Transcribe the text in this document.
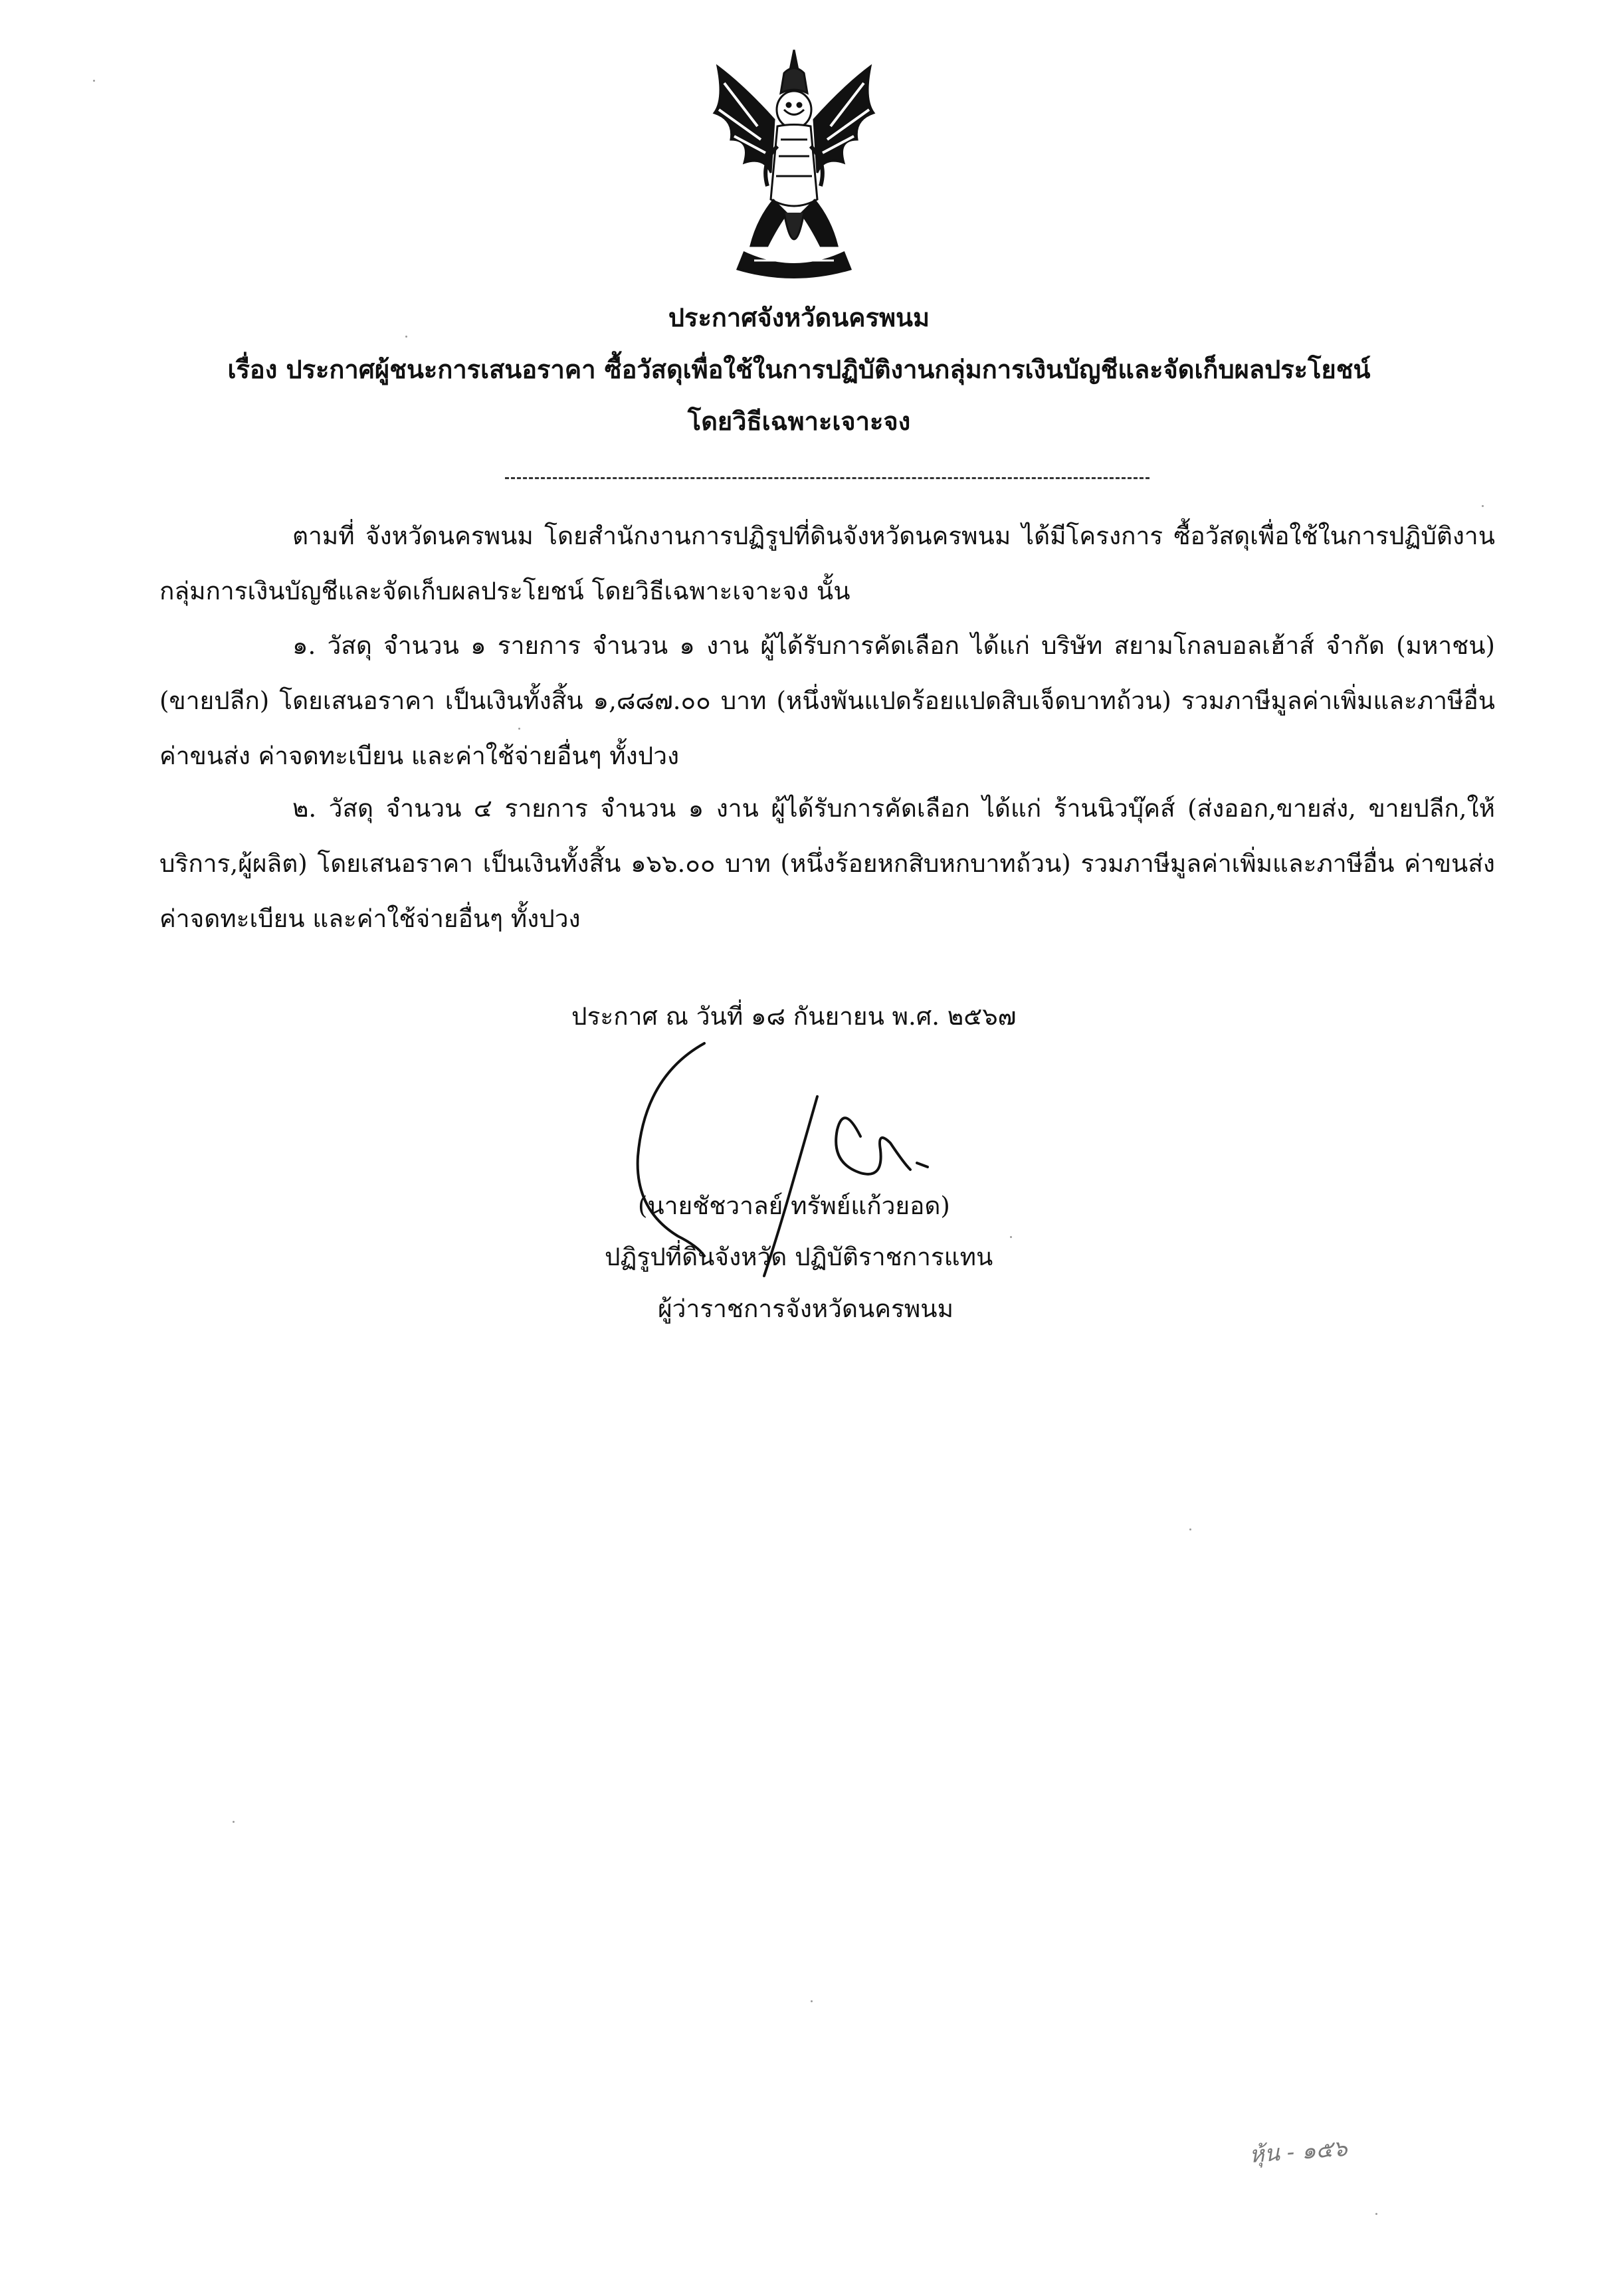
ประกาศจังหวัดนครพนม
เรื่อง ประกาศผู้ชนะการเสนอราคา ซื้อวัสดุเพื่อใช้ในการปฏิบัติงานกลุ่มการเงินบัญชีและจัดเก็บผลประโยชน์
โดยวิธีเฉพาะเจาะจง
ตามที่ จังหวัดนครพนม โดยสำนักงานการปฏิรูปที่ดินจังหวัดนครพนม ได้มีโครงการ ซื้อวัสดุเพื่อใช้ในการปฏิบัติงานกลุ่มการเงินบัญชีและจัดเก็บผลประโยชน์ โดยวิธีเฉพาะเจาะจง นั้น
๑. วัสดุ จำนวน ๑ รายการ จำนวน ๑ งาน ผู้ได้รับการคัดเลือก ได้แก่ บริษัท สยามโกลบอลเฮ้าส์ จำกัด (มหาชน) (ขายปลีก) โดยเสนอราคา เป็นเงินทั้งสิ้น ๑,๘๘๗.๐๐ บาท (หนึ่งพันแปดร้อยแปดสิบเจ็ดบาทถ้วน) รวมภาษีมูลค่าเพิ่มและภาษีอื่น ค่าขนส่ง ค่าจดทะเบียน และค่าใช้จ่ายอื่นๆ ทั้งปวง
๒. วัสดุ จำนวน ๔ รายการ จำนวน ๑ งาน ผู้ได้รับการคัดเลือก ได้แก่ ร้านนิวบุ๊คส์ (ส่งออก,ขายส่ง, ขายปลีก,ให้บริการ,ผู้ผลิต) โดยเสนอราคา เป็นเงินทั้งสิ้น ๑๖๖.๐๐ บาท (หนึ่งร้อยหกสิบหกบาทถ้วน) รวมภาษีมูลค่าเพิ่มและภาษีอื่น ค่าขนส่ง ค่าจดทะเบียน และค่าใช้จ่ายอื่นๆ ทั้งปวง
ประกาศ ณ วันที่ ๑๘ กันยายน พ.ศ. ๒๕๖๗
(นายชัชวาลย์ ทรัพย์แก้วยอด)
ปฏิรูปที่ดินจังหวัด ปฏิบัติราชการแทน
ผู้ว่าราชการจังหวัดนครพนม
หุ้น - ๑๕๖
